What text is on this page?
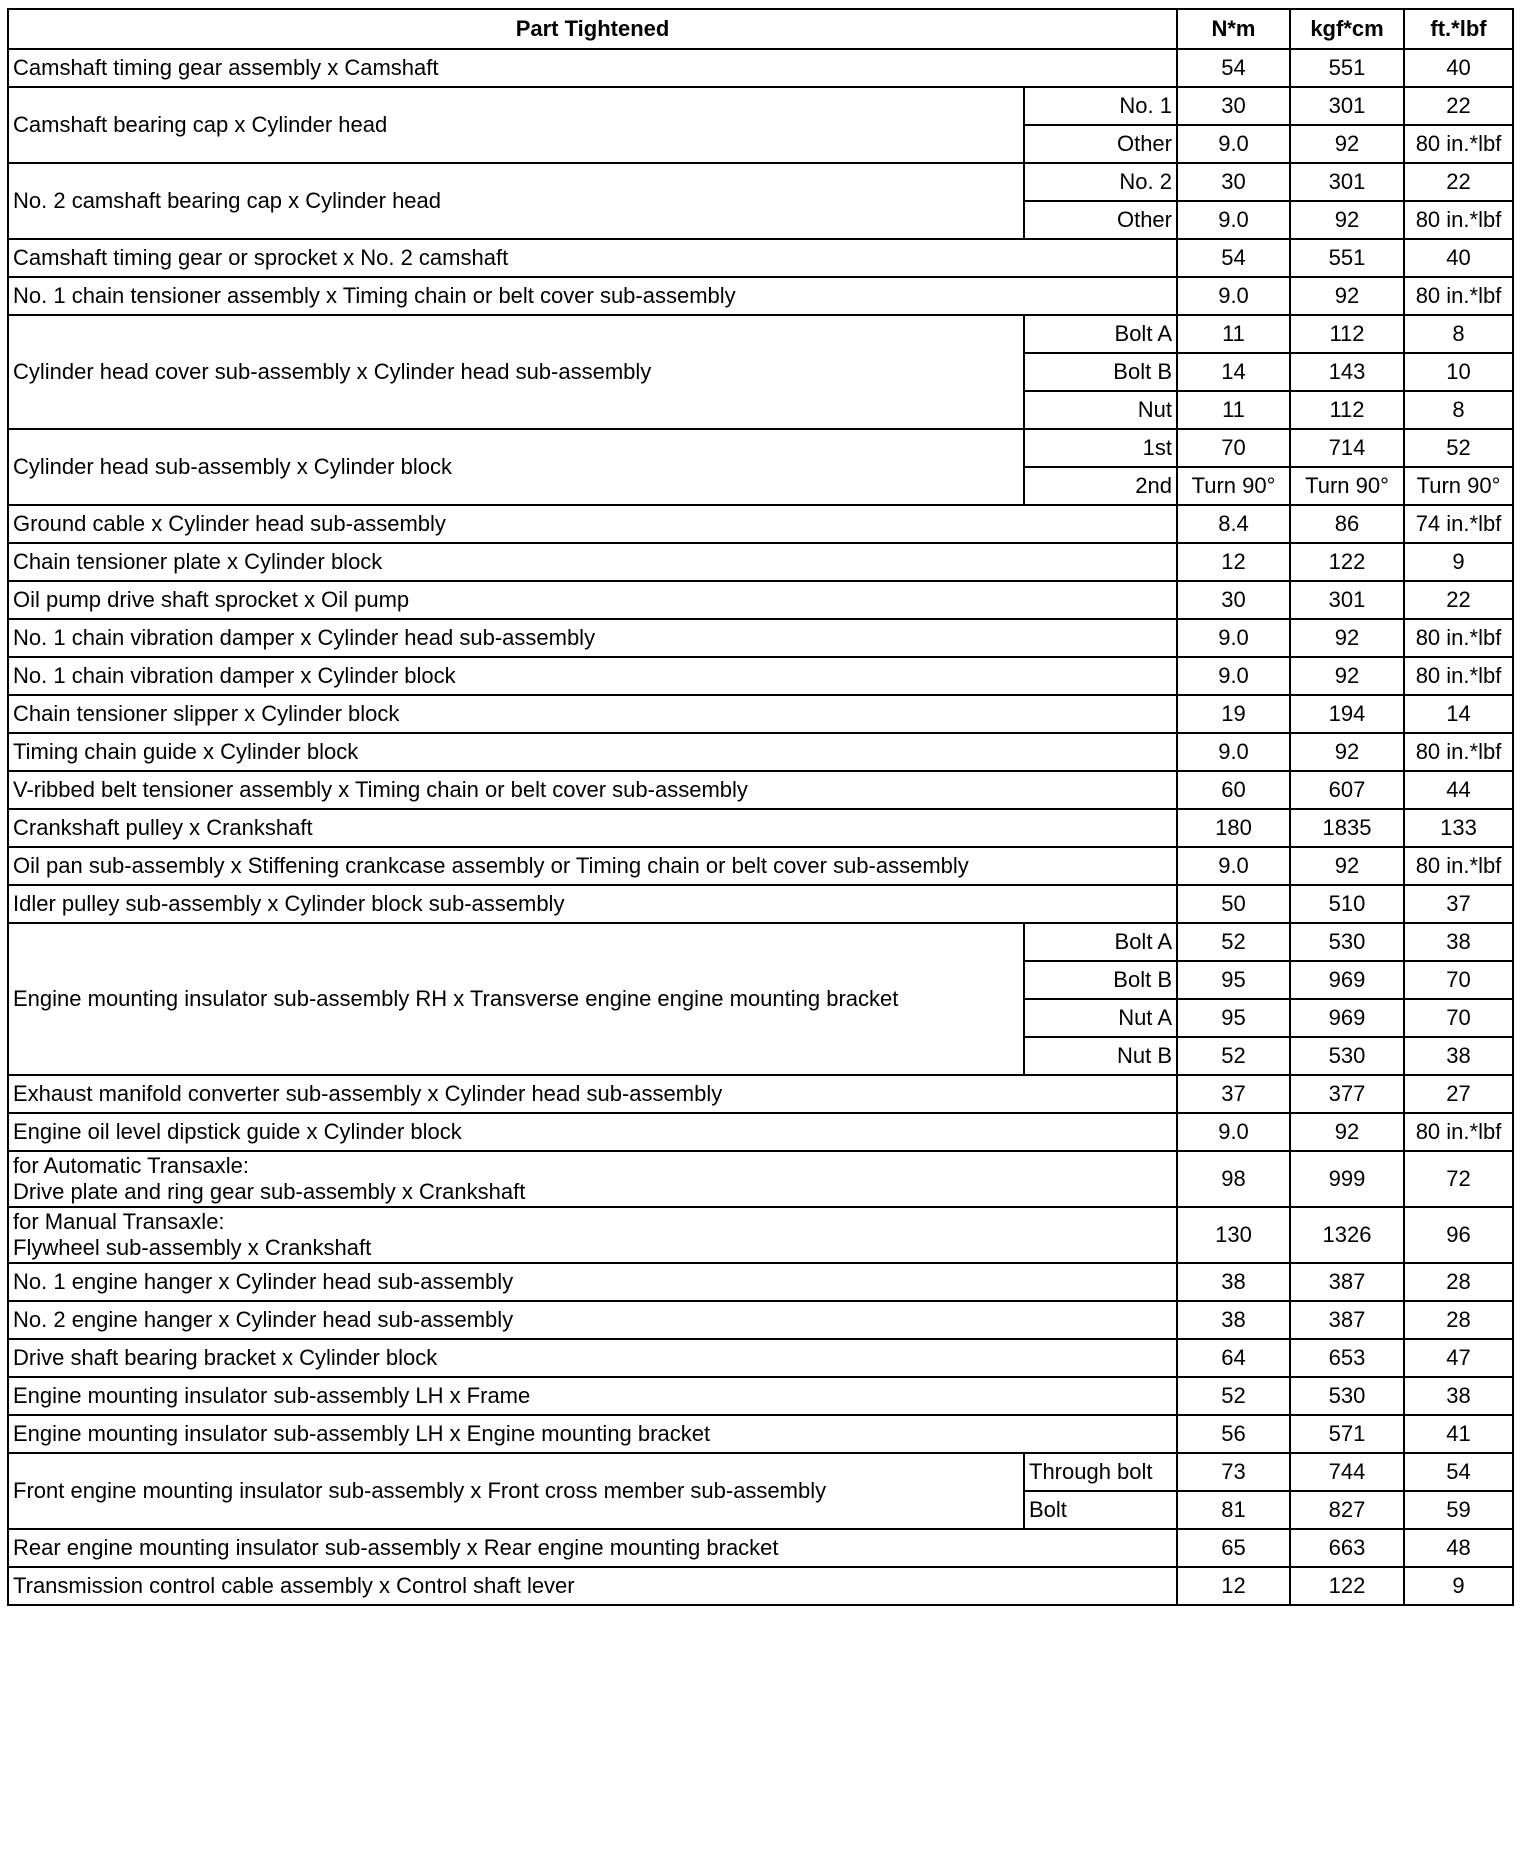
Part Tightened		N*m	kgf*cm	ft.*lbf
Camshaft timing gear assembly x Camshaft		54	551	40
Camshaft bearing cap x Cylinder head	No. 1	30	301	22
	Other	9.0	92	80 in.*lbf
No. 2 camshaft bearing cap x Cylinder head	No. 2	30	301	22
	Other	9.0	92	80 in.*lbf
Camshaft timing gear or sprocket x No. 2 camshaft		54	551	40
No. 1 chain tensioner assembly x Timing chain or belt cover sub-assembly		9.0	92	80 in.*lbf
Cylinder head cover sub-assembly x Cylinder head sub-assembly	Bolt A	11	112	8
	Bolt B	14	143	10
	Nut	11	112	8
Cylinder head sub-assembly x Cylinder block	1st	70	714	52
	2nd	Turn 90°	Turn 90°	Turn 90°
Ground cable x Cylinder head sub-assembly		8.4	86	74 in.*lbf
Chain tensioner plate x Cylinder block		12	122	9
Oil pump drive shaft sprocket x Oil pump		30	301	22
No. 1 chain vibration damper x Cylinder head sub-assembly		9.0	92	80 in.*lbf
No. 1 chain vibration damper x Cylinder block		9.0	92	80 in.*lbf
Chain tensioner slipper x Cylinder block		19	194	14
Timing chain guide x Cylinder block		9.0	92	80 in.*lbf
V-ribbed belt tensioner assembly x Timing chain or belt cover sub-assembly		60	607	44
Crankshaft pulley x Crankshaft		180	1835	133
Oil pan sub-assembly x Stiffening crankcase assembly or Timing chain or belt cover sub-assembly		9.0	92	80 in.*lbf
Idler pulley sub-assembly x Cylinder block sub-assembly		50	510	37
Engine mounting insulator sub-assembly RH x Transverse engine engine mounting bracket	Bolt A	52	530	38
	Bolt B	95	969	70
	Nut A	95	969	70
	Nut B	52	530	38
Exhaust manifold converter sub-assembly x Cylinder head sub-assembly		37	377	27
Engine oil level dipstick guide x Cylinder block		9.0	92	80 in.*lbf
for Automatic Transaxle:
Drive plate and ring gear sub-assembly x Crankshaft		98	999	72
for Manual Transaxle:
Flywheel sub-assembly x Crankshaft		130	1326	96
No. 1 engine hanger x Cylinder head sub-assembly		38	387	28
No. 2 engine hanger x Cylinder head sub-assembly		38	387	28
Drive shaft bearing bracket x Cylinder block		64	653	47
Engine mounting insulator sub-assembly LH x Frame		52	530	38
Engine mounting insulator sub-assembly LH x Engine mounting bracket		56	571	41
Front engine mounting insulator sub-assembly x Front cross member sub-assembly	Through bolt	73	744	54
	Bolt	81	827	59
Rear engine mounting insulator sub-assembly x Rear engine mounting bracket		65	663	48
Transmission control cable assembly x Control shaft lever		12	122	9
